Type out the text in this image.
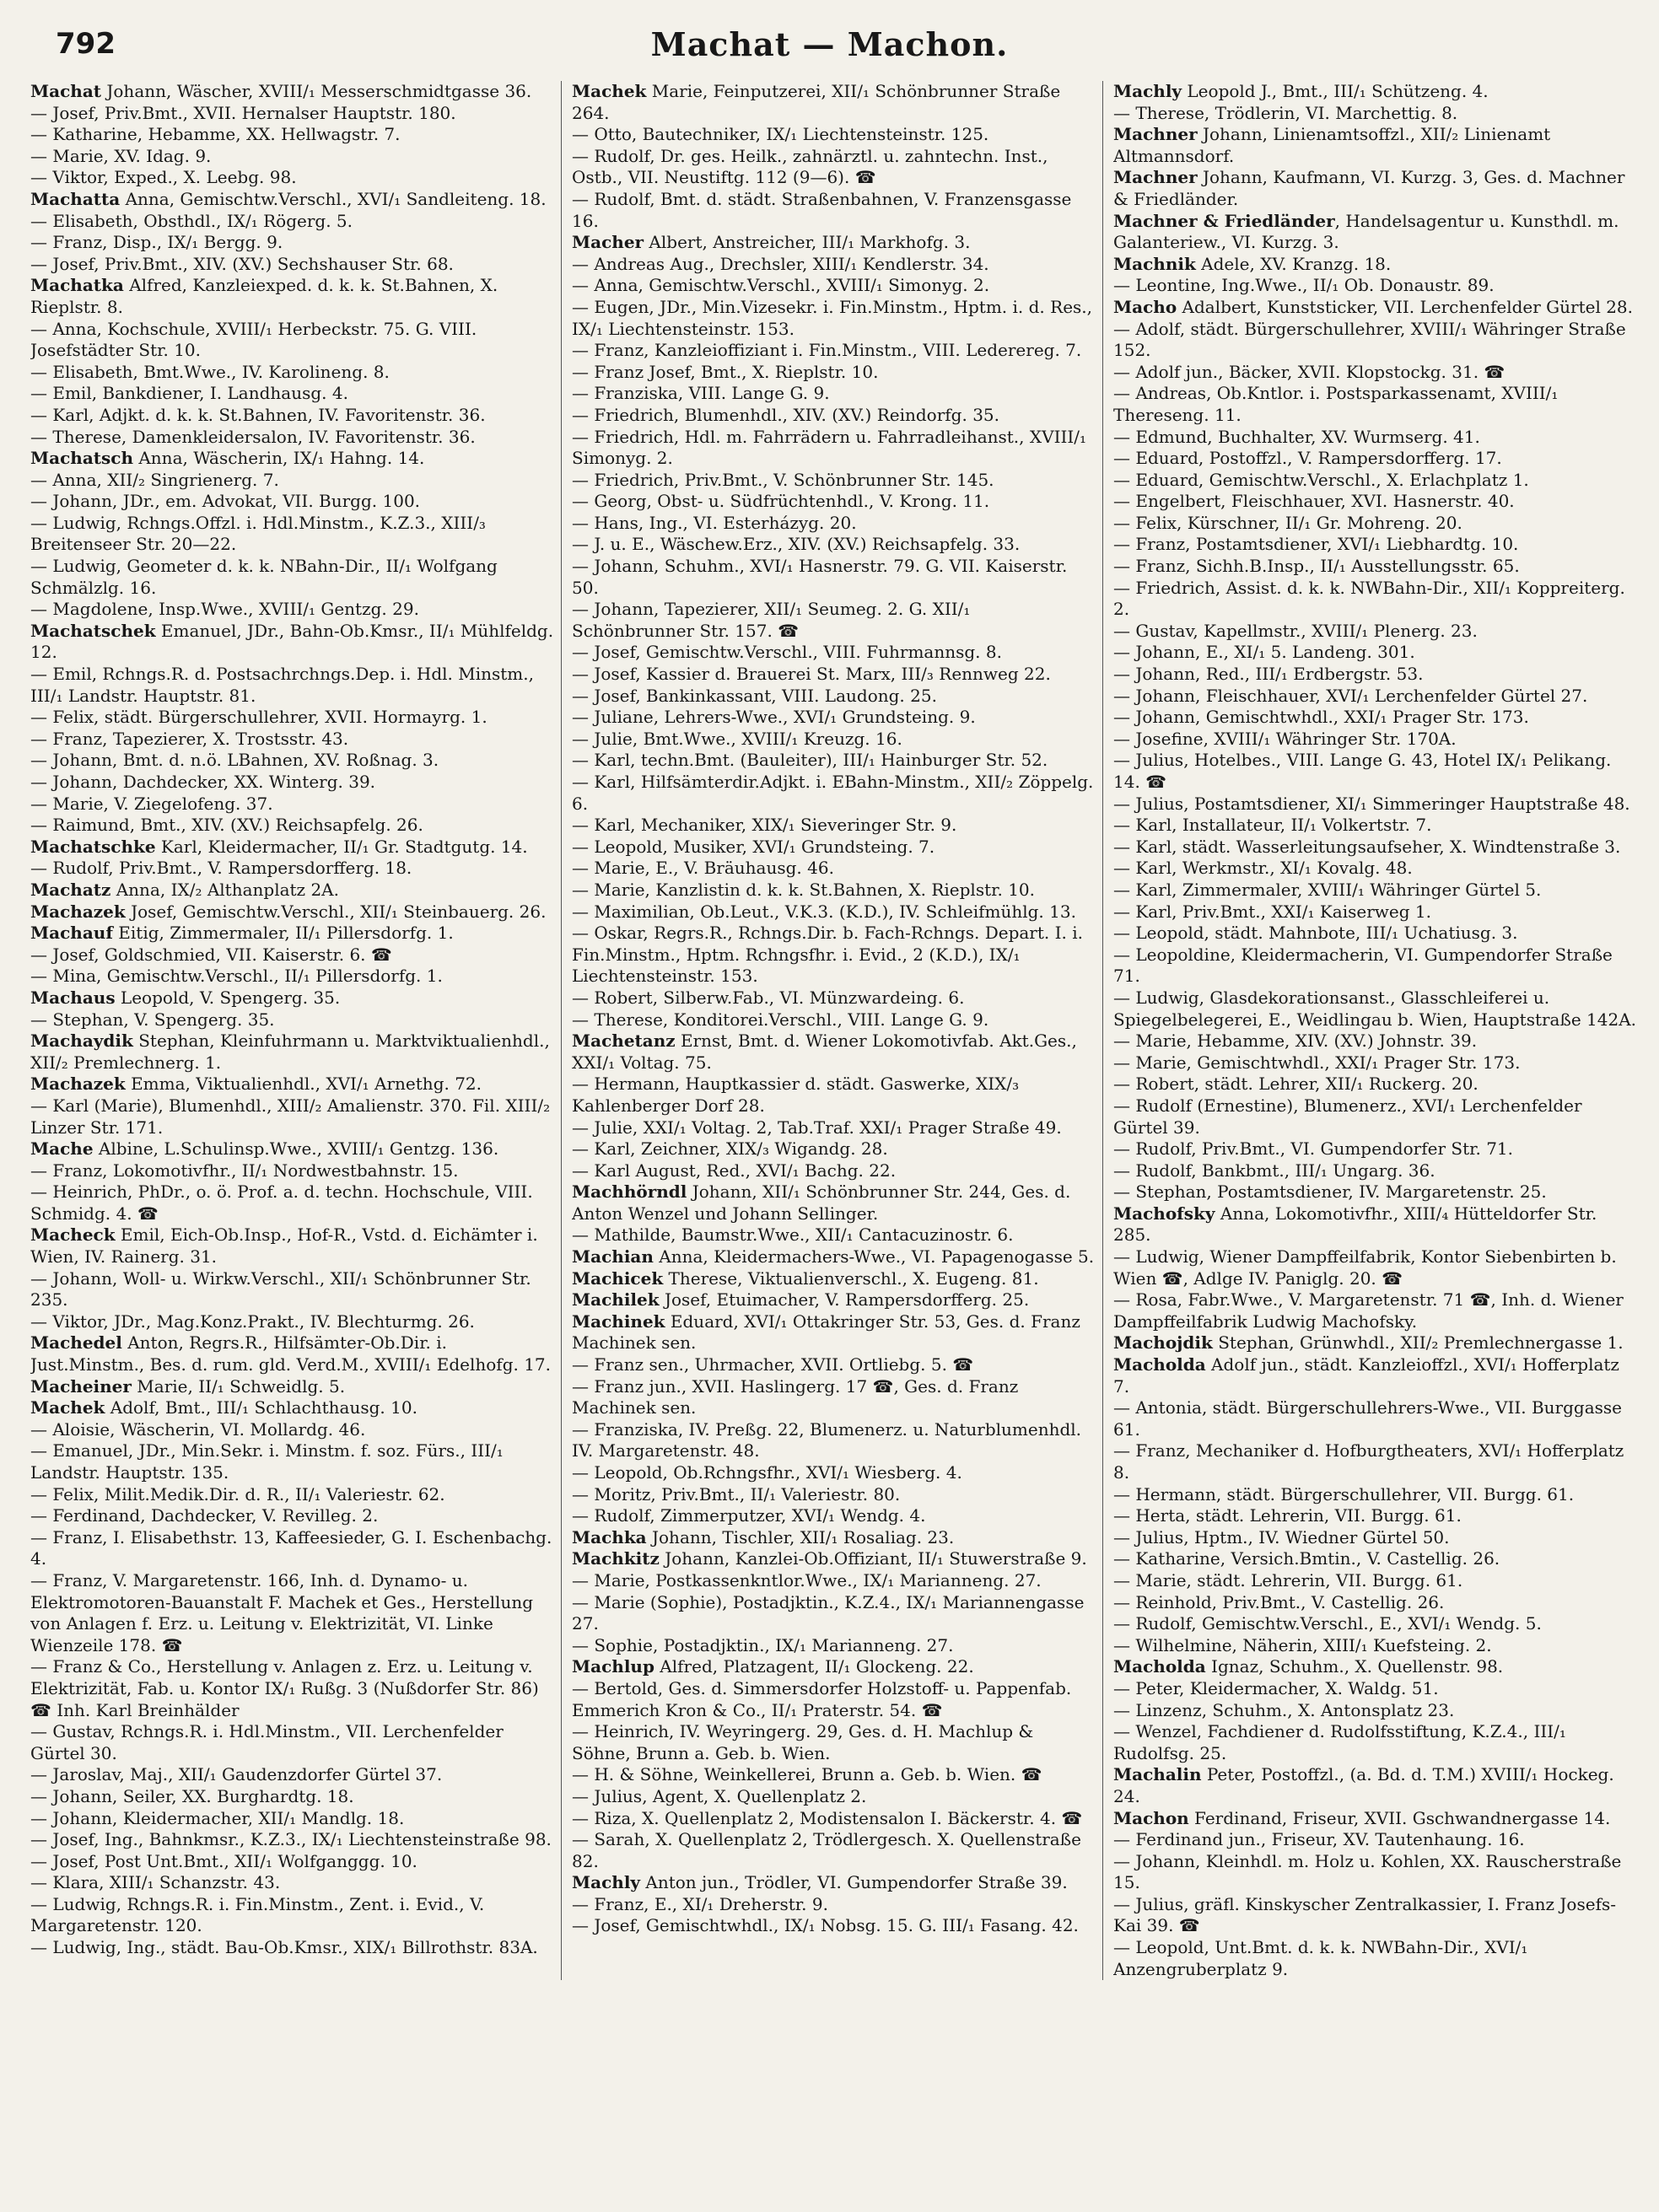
792	Machat — Machon.

Machat Johann, Wäscher, XVIII/₁ Messerschmidtgasse 36.

— Josef, Priv.Bmt., XVII. Hernalser Hauptstr. 180.

— Katharine, Hebamme, XX. Hellwagstr. 7.

— Marie, XV. Idag. 9.

— Viktor, Exped., X. Leebg. 98.

Machatta Anna, Gemischtw.Verschl., XVI/₁ Sandleiteng. 18.

— Elisabeth, Obsthdl., IX/₁ Rögerg. 5.

— Franz, Disp., IX/₁ Bergg. 9.

— Josef, Priv.Bmt., XIV. (XV.) Sechshauser Str. 68.

Machatka Alfred, Kanzleiexped. d. k. k. St.Bahnen, X. Rieplstr. 8.

— Anna, Kochschule, XVIII/₁ Herbeckstr. 75. G. VIII. Josefstädter Str. 10.

— Elisabeth, Bmt.Wwe., IV. Karolineng. 8.

— Emil, Bankdiener, I. Landhausg. 4.

— Karl, Adjkt. d. k. k. St.Bahnen, IV. Favoritenstr. 36.

— Therese, Damenkleidersalon, IV. Favoritenstr. 36.

Machatsch Anna, Wäscherin, IX/₁ Hahng. 14.

— Anna, XII/₂ Singrienerg. 7.

— Johann, JDr., em. Advokat, VII. Burgg. 100.

— Ludwig, Rchngs.Offzl. i. Hdl.Minstm., K.Z.3., XIII/₃ Breitenseer Str. 20—22.

— Ludwig, Geometer d. k. k. NBahn-Dir., II/₁ Wolfgang Schmälzlg. 16.

— Magdolene, Insp.Wwe., XVIII/₁ Gentzg. 29.

Machatschek Emanuel, JDr., Bahn-Ob.Kmsr., II/₁ Mühlfeldg. 12.

— Emil, Rchngs.R. d. Postsachrchngs.Dep. i. Hdl. Minstm., III/₁ Landstr. Hauptstr. 81.

— Felix, städt. Bürgerschullehrer, XVII. Hormayrg. 1.

— Franz, Tapezierer, X. Trostsstr. 43.

— Johann, Bmt. d. n.ö. LBahnen, XV. Roßnag. 3.

— Johann, Dachdecker, XX. Winterg. 39.

— Marie, V. Ziegelofeng. 37.

— Raimund, Bmt., XIV. (XV.) Reichsapfelg. 26.

Machatschke Karl, Kleidermacher, II/₁ Gr. Stadtgutg. 14.

— Rudolf, Priv.Bmt., V. Rampersdorfferg. 18.

Machatz Anna, IX/₂ Althanplatz 2A.

Machazek Josef, Gemischtw.Verschl., XII/₁ Steinbauerg. 26.

Machauf Eitig, Zimmermaler, II/₁ Pillersdorfg. 1.

— Josef, Goldschmied, VII. Kaiserstr. 6. ☎

— Mina, Gemischtw.Verschl., II/₁ Pillersdorfg. 1.

Machaus Leopold, V. Spengerg. 35.

— Stephan, V. Spengerg. 35.

Machaydik Stephan, Kleinfuhrmann u. Marktviktualienhdl., XII/₂ Premlechnerg. 1.

Machazek Emma, Viktualienhdl., XVI/₁ Arnethg. 72.

— Karl (Marie), Blumenhdl., XIII/₂ Amalienstr. 370. Fil. XIII/₂ Linzer Str. 171.

Mache Albine, L.Schulinsp.Wwe., XVIII/₁ Gentzg. 136.

— Franz, Lokomotivfhr., II/₁ Nordwestbahnstr. 15.

— Heinrich, PhDr., o. ö. Prof. a. d. techn. Hochschule, VIII. Schmidg. 4. ☎

Macheck Emil, Eich-Ob.Insp., Hof-R., Vstd. d. Eichämter i. Wien, IV. Rainerg. 31.

— Johann, Woll- u. Wirkw.Verschl., XII/₁ Schönbrunner Str. 235.

— Viktor, JDr., Mag.Konz.Prakt., IV. Blechturmg. 26.

Machedel Anton, Regrs.R., Hilfsämter-Ob.Dir. i. Just.Minstm., Bes. d. rum. gld. Verd.M., XVIII/₁ Edelhofg. 17.

Macheiner Marie, II/₁ Schweidlg. 5.

Machek Adolf, Bmt., III/₁ Schlachthausg. 10.

— Aloisie, Wäscherin, VI. Mollardg. 46.

— Emanuel, JDr., Min.Sekr. i. Minstm. f. soz. Fürs., III/₁ Landstr. Hauptstr. 135.

— Felix, Milit.Medik.Dir. d. R., II/₁ Valeriestr. 62.

— Ferdinand, Dachdecker, V. Revilleg. 2.

— Franz, I. Elisabethstr. 13, Kaffeesieder, G. I. Eschenbachg. 4.

— Franz, V. Margaretenstr. 166, Inh. d. Dynamo- u. Elektromotoren-Bauanstalt F. Machek et Ges., Herstellung von Anlagen f. Erz. u. Leitung v. Elektrizität, VI. Linke Wienzeile 178. ☎

— Franz & Co., Herstellung v. Anlagen z. Erz. u. Leitung v. Elektrizität, Fab. u. Kontor IX/₁ Rußg. 3 (Nußdorfer Str. 86) ☎ Inh. Karl Breinhälder

— Gustav, Rchngs.R. i. Hdl.Minstm., VII. Lerchenfelder Gürtel 30.

— Jaroslav, Maj., XII/₁ Gaudenzdorfer Gürtel 37.

— Johann, Seiler, XX. Burghardtg. 18.

— Johann, Kleidermacher, XII/₁ Mandlg. 18.

— Josef, Ing., Bahnkmsr., K.Z.3., IX/₁ Liechtensteinstraße 98.

— Josef, Post Unt.Bmt., XII/₁ Wolfganggg. 10.

— Klara, XIII/₁ Schanzstr. 43.

— Ludwig, Rchngs.R. i. Fin.Minstm., Zent. i. Evid., V. Margaretenstr. 120.

— Ludwig, Ing., städt. Bau-Ob.Kmsr., XIX/₁ Billrothstr. 83A.

Machek Marie, Feinputzerei, XII/₁ Schönbrunner Straße 264.

— Otto, Bautechniker, IX/₁ Liechtensteinstr. 125.

— Rudolf, Dr. ges. Heilk., zahnärztl. u. zahntechn. Inst., Ostb., VII. Neustiftg. 112 (9—6). ☎

— Rudolf, Bmt. d. städt. Straßenbahnen, V. Franzensgasse 16.

Macher Albert, Anstreicher, III/₁ Markhofg. 3.

— Andreas Aug., Drechsler, XIII/₁ Kendlerstr. 34.

— Anna, Gemischtw.Verschl., XVIII/₁ Simonyg. 2.

— Eugen, JDr., Min.Vizesekr. i. Fin.Minstm., Hptm. i. d. Res., IX/₁ Liechtensteinstr. 153.

— Franz, Kanzleioffiziant i. Fin.Minstm., VIII. Lederereg. 7.

— Franz Josef, Bmt., X. Rieplstr. 10.

— Franziska, VIII. Lange G. 9.

— Friedrich, Blumenhdl., XIV. (XV.) Reindorfg. 35.

— Friedrich, Hdl. m. Fahrrädern u. Fahrradleihanst., XVIII/₁ Simonyg. 2.

— Friedrich, Priv.Bmt., V. Schönbrunner Str. 145.

— Georg, Obst- u. Südfrüchtenhdl., V. Krong. 11.

— Hans, Ing., VI. Esterházyg. 20.

— J. u. E., Wäschew.Erz., XIV. (XV.) Reichsapfelg. 33.

— Johann, Schuhm., XVI/₁ Hasnerstr. 79. G. VII. Kaiserstr. 50.

— Johann, Tapezierer, XII/₁ Seumeg. 2. G. XII/₁ Schönbrunner Str. 157. ☎

— Josef, Gemischtw.Verschl., VIII. Fuhrmannsg. 8.

— Josef, Kassier d. Brauerei St. Marx, III/₃ Rennweg 22.

— Josef, Bankinkassant, VIII. Laudong. 25.

— Juliane, Lehrers-Wwe., XVI/₁ Grundsteing. 9.

— Julie, Bmt.Wwe., XVIII/₁ Kreuzg. 16.

— Karl, techn.Bmt. (Bauleiter), III/₁ Hainburger Str. 52.

— Karl, Hilfsämterdir.Adjkt. i. EBahn-Minstm., XII/₂ Zöppelg. 6.

— Karl, Mechaniker, XIX/₁ Sieveringer Str. 9.

— Leopold, Musiker, XVI/₁ Grundsteing. 7.

— Marie, E., V. Bräuhausg. 46.

— Marie, Kanzlistin d. k. k. St.Bahnen, X. Rieplstr. 10.

— Maximilian, Ob.Leut., V.K.3. (K.D.), IV. Schleifmühlg. 13.

— Oskar, Regrs.R., Rchngs.Dir. b. Fach-Rchngs. Depart. I. i. Fin.Minstm., Hptm. Rchngsfhr. i. Evid., 2 (K.D.), IX/₁ Liechtensteinstr. 153.

— Robert, Silberw.Fab., VI. Münzwardeing. 6.

— Therese, Konditorei.Verschl., VIII. Lange G. 9.

Machetanz Ernst, Bmt. d. Wiener Lokomotivfab. Akt.Ges., XXI/₁ Voltag. 75.

— Hermann, Hauptkassier d. städt. Gaswerke, XIX/₃ Kahlenberger Dorf 28.

— Julie, XXI/₁ Voltag. 2, Tab.Traf. XXI/₁ Prager Straße 49.

— Karl, Zeichner, XIX/₃ Wigandg. 28.

— Karl August, Red., XVI/₁ Bachg. 22.

Machhörndl Johann, XII/₁ Schönbrunner Str. 244, Ges. d. Anton Wenzel und Johann Sellinger.

— Mathilde, Baumstr.Wwe., XII/₁ Cantacuzinostr. 6.

Machian Anna, Kleidermachers-Wwe., VI. Papagenogasse 5.

Machicek Therese, Viktualienverschl., X. Eugeng. 81.

Machilek Josef, Etuimacher, V. Rampersdorfferg. 25.

Machinek Eduard, XVI/₁ Ottakringer Str. 53, Ges. d. Franz Machinek sen.

— Franz sen., Uhrmacher, XVII. Ortliebg. 5. ☎

— Franz jun., XVII. Haslingerg. 17 ☎, Ges. d. Franz Machinek sen.

— Franziska, IV. Preßg. 22, Blumenerz. u. Naturblumenhdl. IV. Margaretenstr. 48.

— Leopold, Ob.Rchngsfhr., XVI/₁ Wiesberg. 4.

— Moritz, Priv.Bmt., II/₁ Valeriestr. 80.

— Rudolf, Zimmerputzer, XVI/₁ Wendg. 4.

Machka Johann, Tischler, XII/₁ Rosaliag. 23.

Machkitz Johann, Kanzlei-Ob.Offiziant, II/₁ Stuwerstraße 9.

— Marie, Postkassenkntlor.Wwe., IX/₁ Marianneng. 27.

— Marie (Sophie), Postadjktin., K.Z.4., IX/₁ Mariannengasse 27.

— Sophie, Postadjktin., IX/₁ Marianneng. 27.

Machlup Alfred, Platzagent, II/₁ Glockeng. 22.

— Bertold, Ges. d. Simmersdorfer Holzstoff- u. Pappenfab. Emmerich Kron & Co., II/₁ Praterstr. 54. ☎

— Heinrich, IV. Weyringerg. 29, Ges. d. H. Machlup & Söhne, Brunn a. Geb. b. Wien.

— H. & Söhne, Weinkellerei, Brunn a. Geb. b. Wien. ☎

— Julius, Agent, X. Quellenplatz 2.

— Riza, X. Quellenplatz 2, Modistensalon I. Bäckerstr. 4. ☎

— Sarah, X. Quellenplatz 2, Trödlergesch. X. Quellenstraße 82.

Machly Anton jun., Trödler, VI. Gumpendorfer Straße 39.

— Franz, E., XI/₁ Dreherstr. 9.

— Josef, Gemischtwhdl., IX/₁ Nobsg. 15. G. III/₁ Fasang. 42.

Machly Leopold J., Bmt., III/₁ Schützeng. 4.

— Therese, Trödlerin, VI. Marchettig. 8.

Machner Johann, Linienamtsoffzl., XII/₂ Linienamt Altmannsdorf.

Machner Johann, Kaufmann, VI. Kurzg. 3, Ges. d. Machner & Friedländer.

Machner & Friedländer, Handelsagentur u. Kunsthdl. m. Galanteriew., VI. Kurzg. 3.

Machnik Adele, XV. Kranzg. 18.

— Leontine, Ing.Wwe., II/₁ Ob. Donaustr. 89.

Macho Adalbert, Kunststicker, VII. Lerchenfelder Gürtel 28.

— Adolf, städt. Bürgerschullehrer, XVIII/₁ Währinger Straße 152.

— Adolf jun., Bäcker, XVII. Klopstockg. 31. ☎

— Andreas, Ob.Kntlor. i. Postsparkassenamt, XVIII/₁ Thereseng. 11.

— Edmund, Buchhalter, XV. Wurmserg. 41.

— Eduard, Postoffzl., V. Rampersdorfferg. 17.

— Eduard, Gemischtw.Verschl., X. Erlachplatz 1.

— Engelbert, Fleischhauer, XVI. Hasnerstr. 40.

— Felix, Kürschner, II/₁ Gr. Mohreng. 20.

— Franz, Postamtsdiener, XVI/₁ Liebhardtg. 10.

— Franz, Sichh.B.Insp., II/₁ Ausstellungsstr. 65.

— Friedrich, Assist. d. k. k. NWBahn-Dir., XII/₁ Koppreiterg. 2.

— Gustav, Kapellmstr., XVIII/₁ Plenerg. 23.

— Johann, E., XI/₁ 5. Landeng. 301.

— Johann, Red., III/₁ Erdbergstr. 53.

— Johann, Fleischhauer, XVI/₁ Lerchenfelder Gürtel 27.

— Johann, Gemischtwhdl., XXI/₁ Prager Str. 173.

— Josefine, XVIII/₁ Währinger Str. 170A.

— Julius, Hotelbes., VIII. Lange G. 43, Hotel IX/₁ Pelikang. 14. ☎

— Julius, Postamtsdiener, XI/₁ Simmeringer Hauptstraße 48.

— Karl, Installateur, II/₁ Volkertstr. 7.

— Karl, städt. Wasserleitungsaufseher, X. Windtenstraße 3.

— Karl, Werkmstr., XI/₁ Kovalg. 48.

— Karl, Zimmermaler, XVIII/₁ Währinger Gürtel 5.

— Karl, Priv.Bmt., XXI/₁ Kaiserweg 1.

— Leopold, städt. Mahnbote, III/₁ Uchatiusg. 3.

— Leopoldine, Kleidermacherin, VI. Gumpendorfer Straße 71.

— Ludwig, Glasdekorationsanst., Glasschleiferei u. Spiegelbelegerei, E., Weidlingau b. Wien, Hauptstraße 142A.

— Marie, Hebamme, XIV. (XV.) Johnstr. 39.

— Marie, Gemischtwhdl., XXI/₁ Prager Str. 173.

— Robert, städt. Lehrer, XII/₁ Ruckerg. 20.

— Rudolf (Ernestine), Blumenerz., XVI/₁ Lerchenfelder Gürtel 39.

— Rudolf, Priv.Bmt., VI. Gumpendorfer Str. 71.

— Rudolf, Bankbmt., III/₁ Ungarg. 36.

— Stephan, Postamtsdiener, IV. Margaretenstr. 25.

Machofsky Anna, Lokomotivfhr., XIII/₄ Hütteldorfer Str. 285.

— Ludwig, Wiener Dampffeilfabrik, Kontor Siebenbirten b. Wien ☎, Adlge IV. Paniglg. 20. ☎

— Rosa, Fabr.Wwe., V. Margaretenstr. 71 ☎, Inh. d. Wiener Dampffeilfabrik Ludwig Machofsky.

Machojdik Stephan, Grünwhdl., XII/₂ Premlechnergasse 1.

Macholda Adolf jun., städt. Kanzleioffzl., XVI/₁ Hofferplatz 7.

— Antonia, städt. Bürgerschullehrers-Wwe., VII. Burggasse 61.

— Franz, Mechaniker d. Hofburgtheaters, XVI/₁ Hofferplatz 8.

— Hermann, städt. Bürgerschullehrer, VII. Burgg. 61.

— Herta, städt. Lehrerin, VII. Burgg. 61.

— Julius, Hptm., IV. Wiedner Gürtel 50.

— Katharine, Versich.Bmtin., V. Castellig. 26.

— Marie, städt. Lehrerin, VII. Burgg. 61.

— Reinhold, Priv.Bmt., V. Castellig. 26.

— Rudolf, Gemischtw.Verschl., E., XVI/₁ Wendg. 5.

— Wilhelmine, Näherin, XIII/₁ Kuefsteing. 2.

Macholda Ignaz, Schuhm., X. Quellenstr. 98.

— Peter, Kleidermacher, X. Waldg. 51.

— Linzenz, Schuhm., X. Antonsplatz 23.

— Wenzel, Fachdiener d. Rudolfsstiftung, K.Z.4., III/₁ Rudolfsg. 25.

Machalin Peter, Postoffzl., (a. Bd. d. T.M.) XVIII/₁ Hockeg. 24.

Machon Ferdinand, Friseur, XVII. Gschwandnergasse 14.

— Ferdinand jun., Friseur, XV. Tautenhaung. 16.

— Johann, Kleinhdl. m. Holz u. Kohlen, XX. Rauscherstraße 15.

— Julius, gräfl. Kinskyscher Zentralkassier, I. Franz Josefs-Kai 39. ☎

— Leopold, Unt.Bmt. d. k. k. NWBahn-Dir., XVI/₁ Anzengruberplatz 9.
